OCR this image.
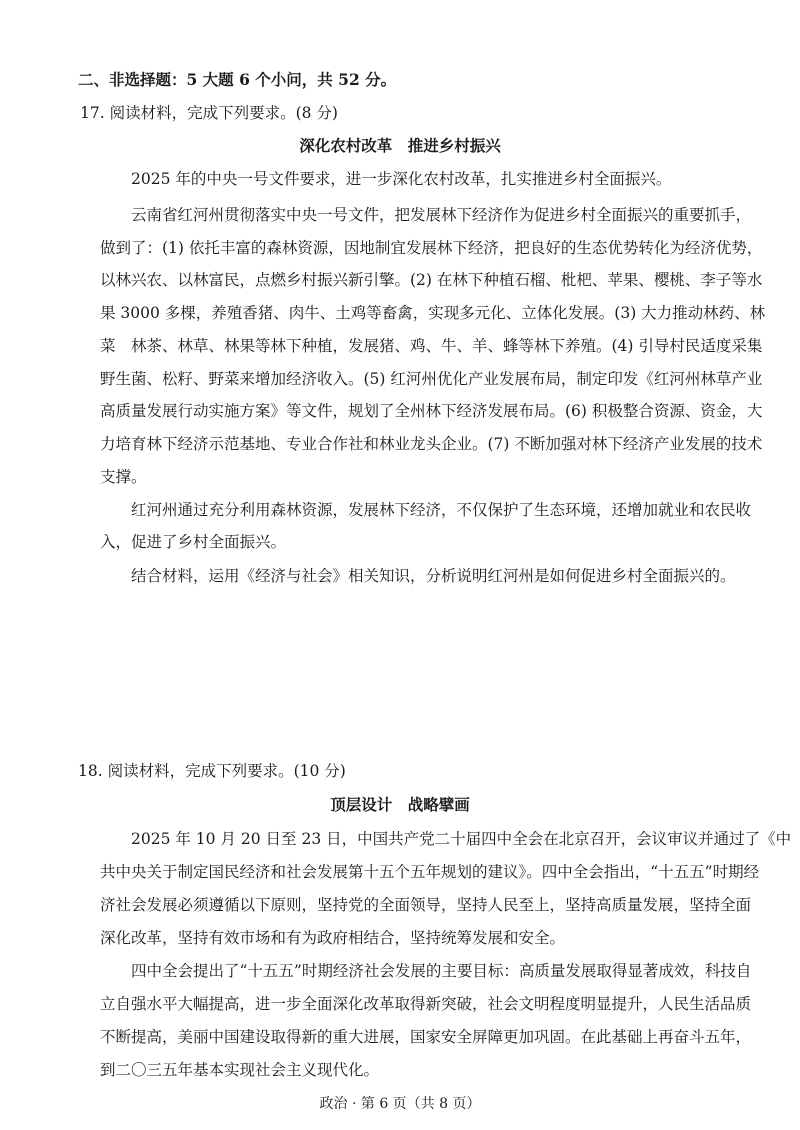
二、非选择题：5 大题 6 个小问，共 52 分。
17. 阅读材料，完成下列要求。(8 分)
深化农村改革　推进乡村振兴
2025 年的中央一号文件要求，进一步深化农村改革，扎实推进乡村全面振兴。
云南省红河州贯彻落实中央一号文件，把发展林下经济作为促进乡村全面振兴的重要抓手，
做到了：(1) 依托丰富的森林资源，因地制宜发展林下经济，把良好的生态优势转化为经济优势，
以林兴农、以林富民，点燃乡村振兴新引擎。(2) 在林下种植石榴、枇杷、苹果、樱桃、李子等水
果 3000 多棵，养殖香猪、肉牛、土鸡等畜禽，实现多元化、立体化发展。(3) 大力推动林药、林
菜　林茶、林草、林果等林下种植，发展猪、鸡、牛、羊、蜂等林下养殖。(4) 引导村民适度采集
野生菌、松籽、野菜来增加经济收入。(5) 红河州优化产业发展布局，制定印发《红河州林草产业
高质量发展行动实施方案》等文件，规划了全州林下经济发展布局。(6) 积极整合资源、资金，大
力培育林下经济示范基地、专业合作社和林业龙头企业。(7) 不断加强对林下经济产业发展的技术
支撑。
红河州通过充分利用森林资源，发展林下经济，不仅保护了生态环境，还增加就业和农民收
入，促进了乡村全面振兴。
结合材料，运用《经济与社会》相关知识，分析说明红河州是如何促进乡村全面振兴的。
18. 阅读材料，完成下列要求。(10 分)
顶层设计　战略擘画
2025 年 10 月 20 日至 23 日，中国共产党二十届四中全会在北京召开，会议审议并通过了《中
共中央关于制定国民经济和社会发展第十五个五年规划的建议》。四中全会指出，“十五五”时期经
济社会发展必须遵循以下原则，坚持党的全面领导，坚持人民至上，坚持高质量发展，坚持全面
深化改革，坚持有效市场和有为政府相结合，坚持统筹发展和安全。
四中全会提出了“十五五”时期经济社会发展的主要目标：高质量发展取得显著成效，科技自
立自强水平大幅提高，进一步全面深化改革取得新突破，社会文明程度明显提升，人民生活品质
不断提高，美丽中国建设取得新的重大进展，国家安全屏障更加巩固。在此基础上再奋斗五年，
到二〇三五年基本实现社会主义现代化。
政治 · 第 6 页（共 8 页）
